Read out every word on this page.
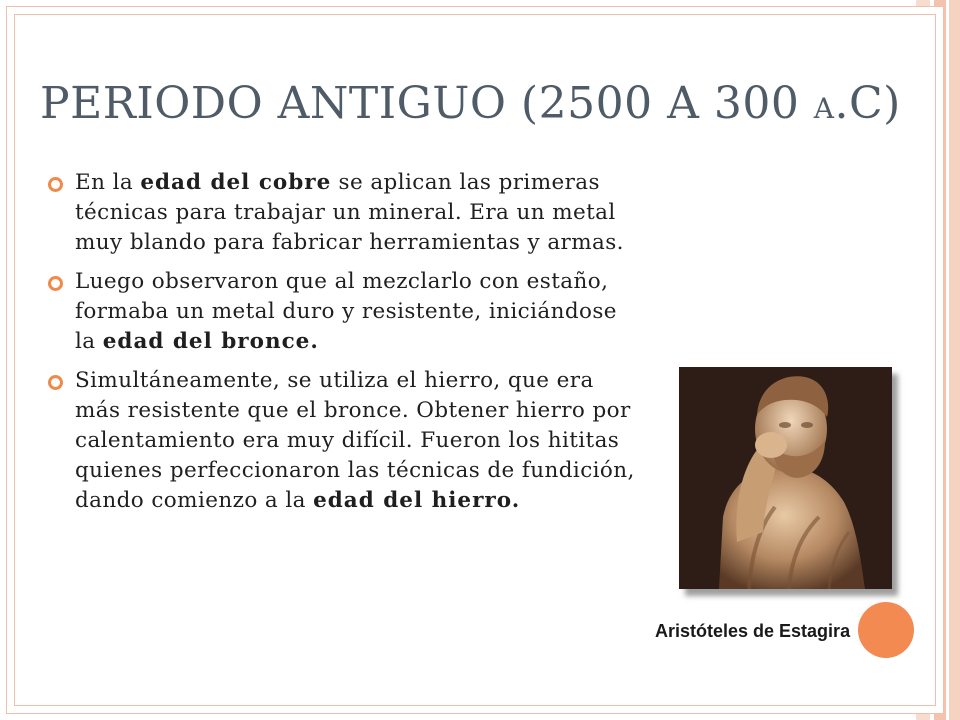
PERIODO ANTIGUO (2500 A 300 A.C)
En la edad del cobre se aplican las primeras técnicas para trabajar un mineral. Era un metal muy blando para fabricar herramientas y armas.
Luego observaron que al mezclarlo con estaño, formaba un metal duro y resistente, iniciándose la edad del bronce.
Simultáneamente, se utiliza el hierro, que era más resistente que el bronce. Obtener hierro por calentamiento era muy difícil. Fueron los hititas quienes perfeccionaron las técnicas de fundición, dando comienzo a la edad del hierro.
Aristóteles de Estagira
